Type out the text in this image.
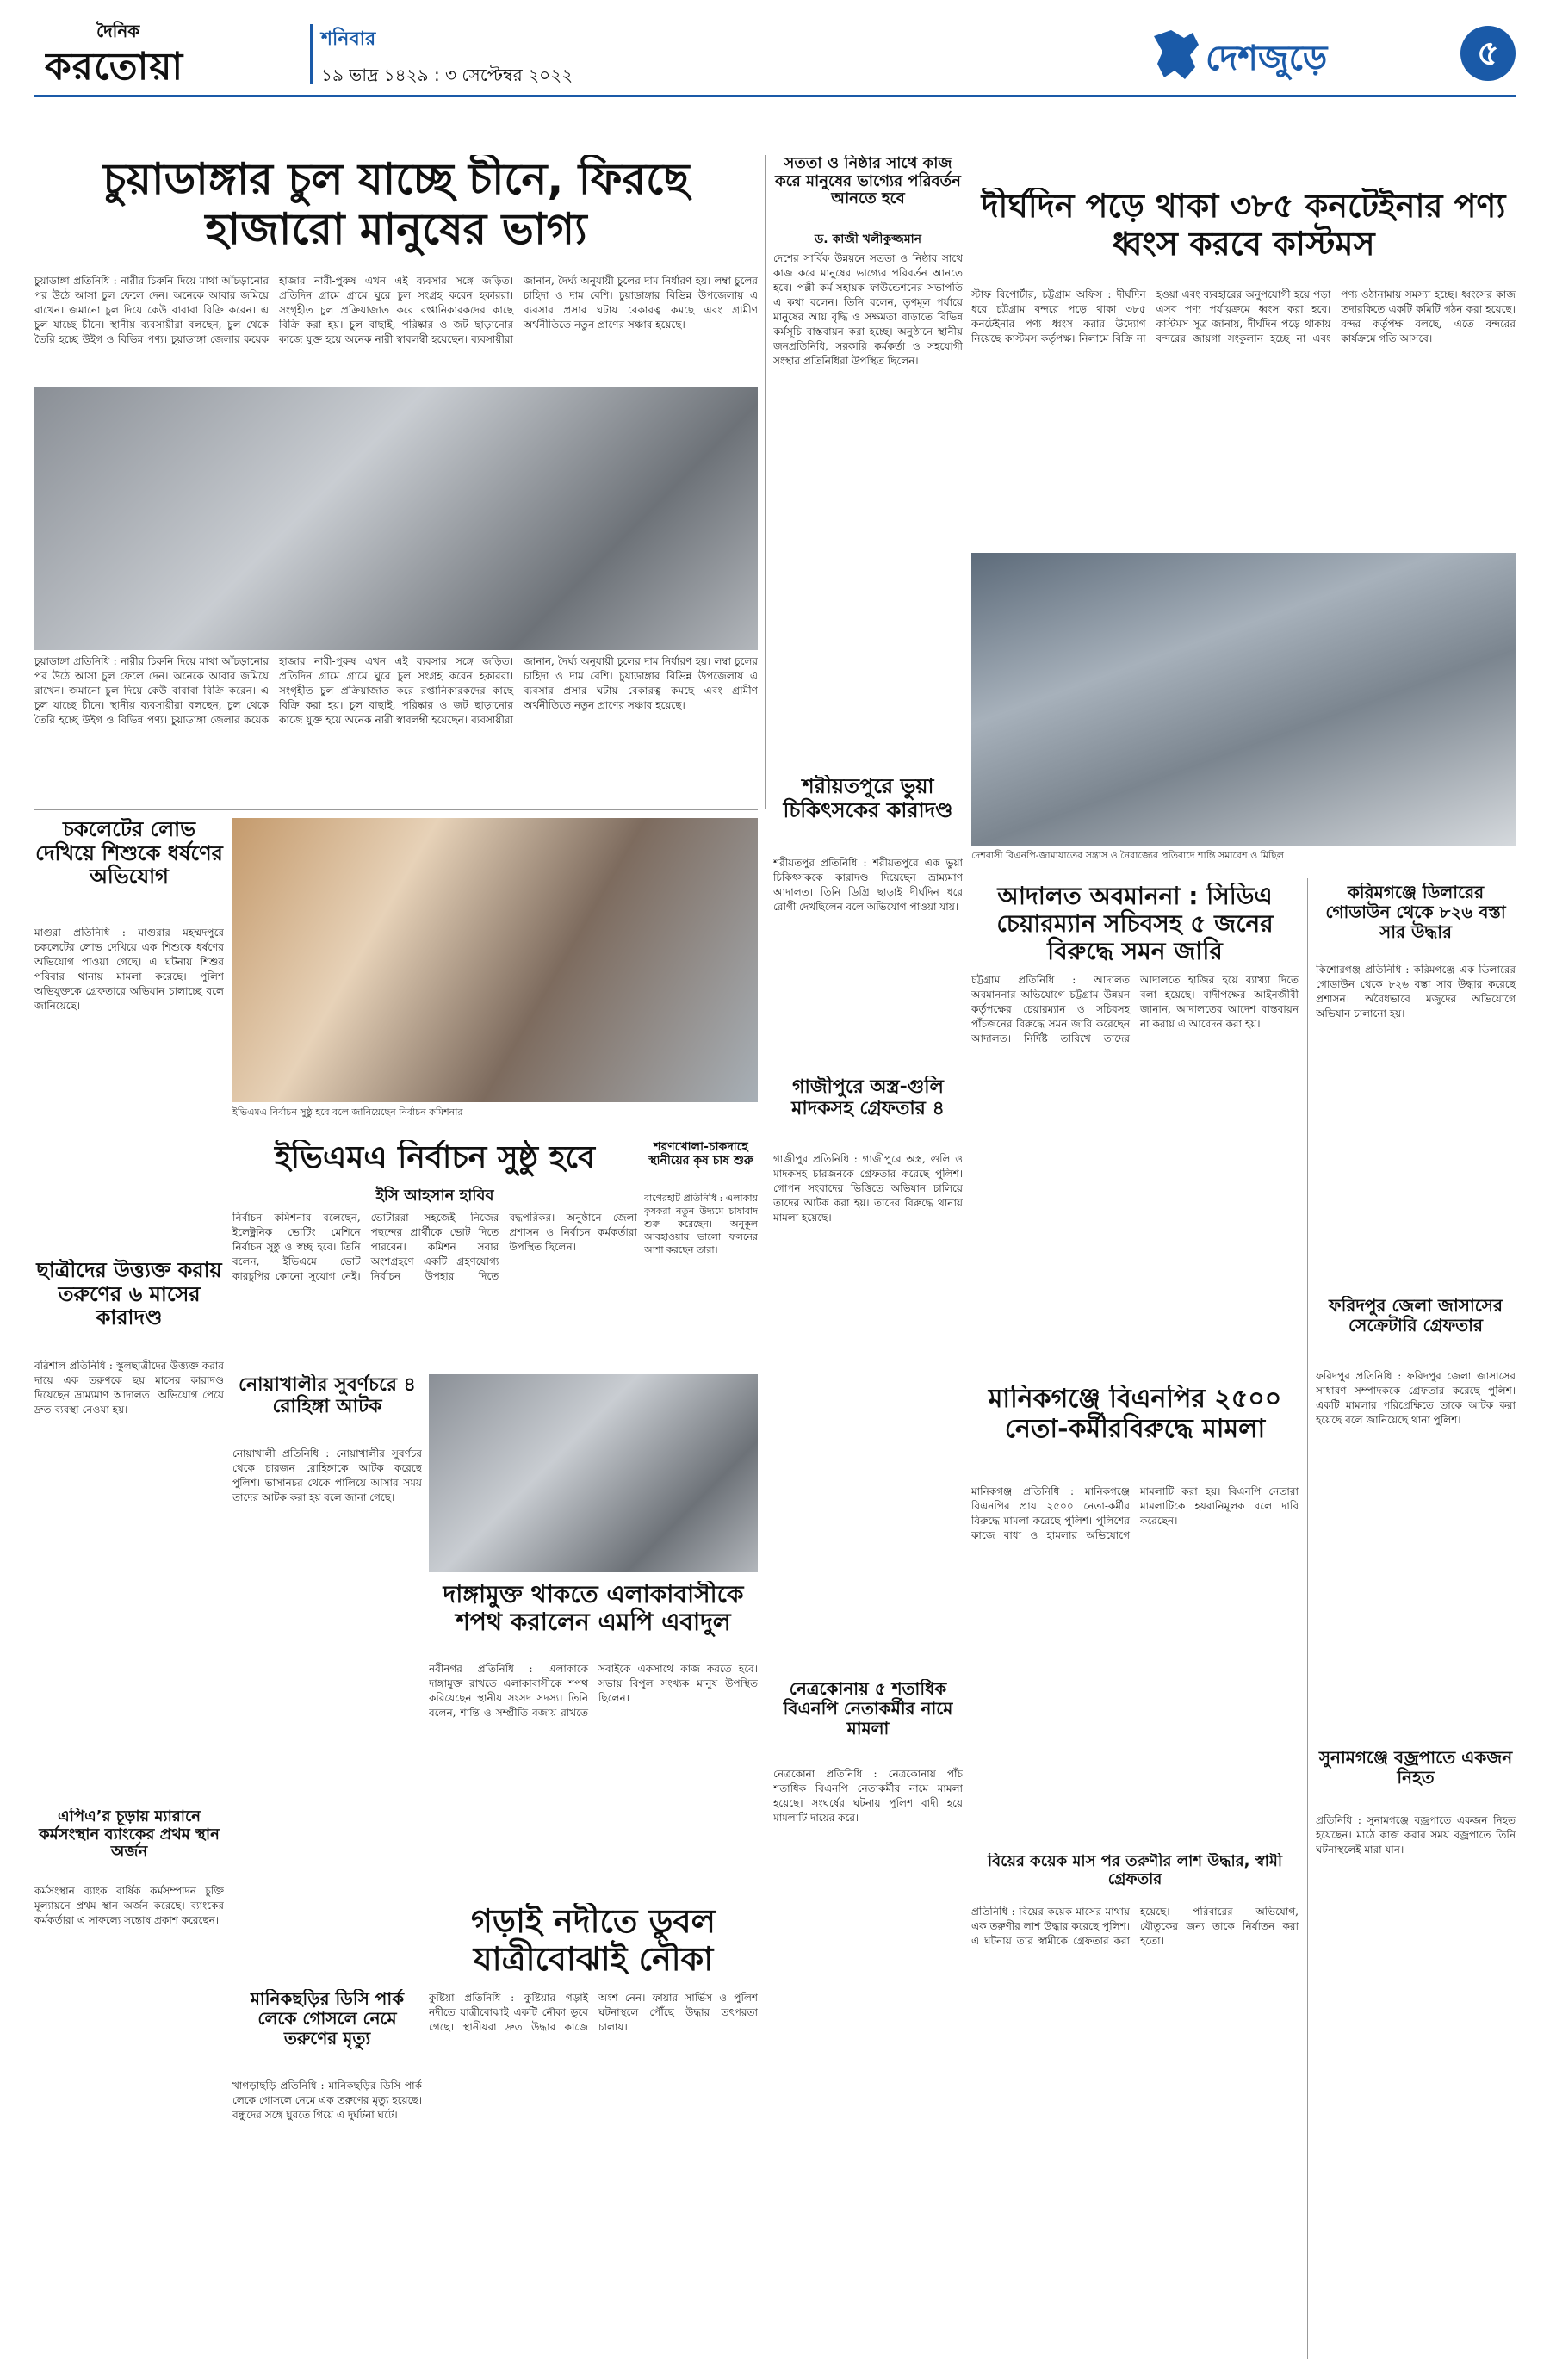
দৈনিক
করতোয়া
শনিবার
১৯ ভাদ্র ১৪২৯ : ৩ সেপ্টেম্বর ২০২২	দেশজুড়ে	৫
চুয়াডাঙ্গার চুল যাচ্ছে চীনে, ফিরছে হাজারো মানুষের ভাগ্য
চুয়াডাঙ্গা প্রতিনিধি : নারীর চিরুনি দিয়ে মাথা আঁচড়ানোর পর উঠে আসা চুল ফেলে দেন। অনেকে আবার জমিয়ে রাখেন। জমানো চুল দিয়ে কেউ বাবাবা বিক্রি করেন। এ চুল যাচ্ছে চীনে। স্থানীয় ব্যবসায়ীরা বলছেন, চুল থেকে তৈরি হচ্ছে উইগ ও বিভিন্ন পণ্য। চুয়াডাঙ্গা জেলার কয়েক হাজার নারী-পুরুষ এখন এই ব্যবসার সঙ্গে জড়িত। প্রতিদিন গ্রামে গ্রামে ঘুরে চুল সংগ্রহ করেন হকাররা। সংগৃহীত চুল প্রক্রিয়াজাত করে রপ্তানিকারকদের কাছে বিক্রি করা হয়। চুল বাছাই, পরিষ্কার ও জট ছাড়ানোর কাজে যুক্ত হয়ে অনেক নারী স্বাবলম্বী হয়েছেন। ব্যবসায়ীরা জানান, দৈর্ঘ্য অনুযায়ী চুলের দাম নির্ধারণ হয়। লম্বা চুলের চাহিদা ও দাম বেশি। চুয়াডাঙ্গার বিভিন্ন উপজেলায় এ ব্যবসার প্রসার ঘটায় বেকারত্ব কমছে এবং গ্রামীণ অর্থনীতিতে নতুন প্রাণের সঞ্চার হয়েছে।
চুয়াডাঙ্গা প্রতিনিধি : নারীর চিরুনি দিয়ে মাথা আঁচড়ানোর পর উঠে আসা চুল ফেলে দেন। অনেকে আবার জমিয়ে রাখেন। জমানো চুল দিয়ে কেউ বাবাবা বিক্রি করেন। এ চুল যাচ্ছে চীনে। স্থানীয় ব্যবসায়ীরা বলছেন, চুল থেকে তৈরি হচ্ছে উইগ ও বিভিন্ন পণ্য। চুয়াডাঙ্গা জেলার কয়েক হাজার নারী-পুরুষ এখন এই ব্যবসার সঙ্গে জড়িত। প্রতিদিন গ্রামে গ্রামে ঘুরে চুল সংগ্রহ করেন হকাররা। সংগৃহীত চুল প্রক্রিয়াজাত করে রপ্তানিকারকদের কাছে বিক্রি করা হয়। চুল বাছাই, পরিষ্কার ও জট ছাড়ানোর কাজে যুক্ত হয়ে অনেক নারী স্বাবলম্বী হয়েছেন। ব্যবসায়ীরা জানান, দৈর্ঘ্য অনুযায়ী চুলের দাম নির্ধারণ হয়। লম্বা চুলের চাহিদা ও দাম বেশি। চুয়াডাঙ্গার বিভিন্ন উপজেলায় এ ব্যবসার প্রসার ঘটায় বেকারত্ব কমছে এবং গ্রামীণ অর্থনীতিতে নতুন প্রাণের সঞ্চার হয়েছে।
সততা ও নিষ্ঠার সাথে কাজ করে মানুষের ভাগ্যের পরিবর্তন আনতে হবে
ড. কাজী খলীকুজ্জমান
দেশের সার্বিক উন্নয়নে সততা ও নিষ্ঠার সাথে কাজ করে মানুষের ভাগ্যের পরিবর্তন আনতে হবে। পল্লী কর্ম-সহায়ক ফাউন্ডেশনের সভাপতি এ কথা বলেন। তিনি বলেন, তৃণমূল পর্যায়ে মানুষের আয় বৃদ্ধি ও সক্ষমতা বাড়াতে বিভিন্ন কর্মসূচি বাস্তবায়ন করা হচ্ছে। অনুষ্ঠানে স্থানীয় জনপ্রতিনিধি, সরকারি কর্মকর্তা ও সহযোগী সংস্থার প্রতিনিধিরা উপস্থিত ছিলেন।
দীর্ঘদিন পড়ে থাকা ৩৮৫ কনটেইনার পণ্য ধ্বংস করবে কাস্টমস
স্টাফ রিপোর্টার, চট্টগ্রাম অফিস : দীর্ঘদিন ধরে চট্টগ্রাম বন্দরে পড়ে থাকা ৩৮৫ কনটেইনার পণ্য ধ্বংস করার উদ্যোগ নিয়েছে কাস্টমস কর্তৃপক্ষ। নিলামে বিক্রি না হওয়া এবং ব্যবহারের অনুপযোগী হয়ে পড়া এসব পণ্য পর্যায়ক্রমে ধ্বংস করা হবে। কাস্টমস সূত্র জানায়, দীর্ঘদিন পড়ে থাকায় বন্দরের জায়গা সংকুলান হচ্ছে না এবং পণ্য ওঠানামায় সমস্যা হচ্ছে। ধ্বংসের কাজ তদারকিতে একটি কমিটি গঠন করা হয়েছে। বন্দর কর্তৃপক্ষ বলছে, এতে বন্দরের কার্যক্রমে গতি আসবে।
দেশবাসী বিএনপি-জামায়াতের সন্ত্রাস ও নৈরাজ্যের প্রতিবাদে শান্তি সমাবেশ ও মিছিল
শরীয়তপুরে ভুয়া চিকিৎসকের কারাদণ্ড
শরীয়তপুর প্রতিনিধি : শরীয়তপুরে এক ভুয়া চিকিৎসককে কারাদণ্ড দিয়েছেন ভ্রাম্যমাণ আদালত। তিনি ডিগ্রি ছাড়াই দীর্ঘদিন ধরে রোগী দেখছিলেন বলে অভিযোগ পাওয়া যায়।
চকলেটের লোভ দেখিয়ে শিশুকে ধর্ষণের অভিযোগ
মাগুরা প্রতিনিধি : মাগুরার মহম্মদপুরে চকলেটের লোভ দেখিয়ে এক শিশুকে ধর্ষণের অভিযোগ পাওয়া গেছে। এ ঘটনায় শিশুর পরিবার থানায় মামলা করেছে। পুলিশ অভিযুক্তকে গ্রেফতারে অভিযান চালাচ্ছে বলে জানিয়েছে।
ইভিএমএ নির্বাচন সুষ্ঠু হবে বলে জানিয়েছেন নির্বাচন কমিশনার
ইভিএমএ নির্বাচন সুষ্ঠু হবে
ইসি আহসান হাবিব
নির্বাচন কমিশনার বলেছেন, ইলেক্ট্রনিক ভোটিং মেশিনে নির্বাচন সুষ্ঠু ও স্বচ্ছ হবে। তিনি বলেন, ইভিএমে ভোট কারচুপির কোনো সুযোগ নেই। ভোটাররা সহজেই নিজের পছন্দের প্রার্থীকে ভোট দিতে পারবেন। কমিশন সবার অংশগ্রহণে একটি গ্রহণযোগ্য নির্বাচন উপহার দিতে বদ্ধপরিকর। অনুষ্ঠানে জেলা প্রশাসন ও নির্বাচন কর্মকর্তারা উপস্থিত ছিলেন।
শরণখোলা-চাকদাহে স্থানীয়ের কৃষ চাষ শুরু
বাগেরহাট প্রতিনিধি : এলাকায় কৃষকরা নতুন উদ্যমে চাষাবাদ শুরু করেছেন। অনুকূল আবহাওয়ায় ভালো ফলনের আশা করছেন তারা।
ছাত্রীদের উত্ত্যক্ত করায় তরুণের ৬ মাসের কারাদণ্ড
বরিশাল প্রতিনিধি : স্কুলছাত্রীদের উত্ত্যক্ত করার দায়ে এক তরুণকে ছয় মাসের কারাদণ্ড দিয়েছেন ভ্রাম্যমাণ আদালত। অভিযোগ পেয়ে দ্রুত ব্যবস্থা নেওয়া হয়।
নোয়াখালীর সুবর্ণচরে ৪ রোহিঙ্গা আটক
নোয়াখালী প্রতিনিধি : নোয়াখালীর সুবর্ণচর থেকে চারজন রোহিঙ্গাকে আটক করেছে পুলিশ। ভাসানচর থেকে পালিয়ে আসার সময় তাদের আটক করা হয় বলে জানা গেছে।
গাজীপুরে অস্ত্র-গুলি মাদকসহ গ্রেফতার ৪
গাজীপুর প্রতিনিধি : গাজীপুরে অস্ত্র, গুলি ও মাদকসহ চারজনকে গ্রেফতার করেছে পুলিশ। গোপন সংবাদের ভিত্তিতে অভিযান চালিয়ে তাদের আটক করা হয়। তাদের বিরুদ্ধে থানায় মামলা হয়েছে।
আদালত অবমাননা : সিডিএ চেয়ারম্যান সচিবসহ ৫ জনের বিরুদ্ধে সমন জারি
চট্টগ্রাম প্রতিনিধি : আদালত অবমাননার অভিযোগে চট্টগ্রাম উন্নয়ন কর্তৃপক্ষের চেয়ারম্যান ও সচিবসহ পাঁচজনের বিরুদ্ধে সমন জারি করেছেন আদালত। নির্দিষ্ট তারিখে তাদের আদালতে হাজির হয়ে ব্যাখ্যা দিতে বলা হয়েছে। বাদীপক্ষের আইনজীবী জানান, আদালতের আদেশ বাস্তবায়ন না করায় এ আবেদন করা হয়।
করিমগঞ্জে ডিলারের গোডাউন থেকে ৮২৬ বস্তা সার উদ্ধার
কিশোরগঞ্জ প্রতিনিধি : করিমগঞ্জে এক ডিলারের গোডাউন থেকে ৮২৬ বস্তা সার উদ্ধার করেছে প্রশাসন। অবৈধভাবে মজুদের অভিযোগে অভিযান চালানো হয়।
ফরিদপুর জেলা জাসাসের সেক্রেটারি গ্রেফতার
ফরিদপুর প্রতিনিধি : ফরিদপুর জেলা জাসাসের সাধারণ সম্পাদককে গ্রেফতার করেছে পুলিশ। একটি মামলার পরিপ্রেক্ষিতে তাকে আটক করা হয়েছে বলে জানিয়েছে থানা পুলিশ।
সুনামগঞ্জে বজ্রপাতে একজন নিহত
প্রতিনিধি : সুনামগঞ্জে বজ্রপাতে একজন নিহত হয়েছেন। মাঠে কাজ করার সময় বজ্রপাতে তিনি ঘটনাস্থলেই মারা যান।
মানিকগঞ্জে বিএনপির ২৫০০ নেতা-কর্মীরবিরুদ্ধে মামলা
মানিকগঞ্জ প্রতিনিধি : মানিকগঞ্জে বিএনপির প্রায় ২৫০০ নেতা-কর্মীর বিরুদ্ধে মামলা করেছে পুলিশ। পুলিশের কাজে বাধা ও হামলার অভিযোগে মামলাটি করা হয়। বিএনপি নেতারা মামলাটিকে হয়রানিমূলক বলে দাবি করেছেন।
বিয়ের কয়েক মাস পর তরুণীর লাশ উদ্ধার, স্বামী গ্রেফতার
প্রতিনিধি : বিয়ের কয়েক মাসের মাথায় এক তরুণীর লাশ উদ্ধার করেছে পুলিশ। এ ঘটনায় তার স্বামীকে গ্রেফতার করা হয়েছে। পরিবারের অভিযোগ, যৌতুকের জন্য তাকে নির্যাতন করা হতো।
নেত্রকোনায় ৫ শতাধিক বিএনপি নেতাকর্মীর নামে মামলা
নেত্রকোনা প্রতিনিধি : নেত্রকোনায় পাঁচ শতাধিক বিএনপি নেতাকর্মীর নামে মামলা হয়েছে। সংঘর্ষের ঘটনায় পুলিশ বাদী হয়ে মামলাটি দায়ের করে।
দাঙ্গামুক্ত থাকতে এলাকাবাসীকে শপথ করালেন এমপি এবাদুল
নবীনগর প্রতিনিধি : এলাকাকে দাঙ্গামুক্ত রাখতে এলাকাবাসীকে শপথ করিয়েছেন স্থানীয় সংসদ সদস্য। তিনি বলেন, শান্তি ও সম্প্রীতি বজায় রাখতে সবাইকে একসাথে কাজ করতে হবে। সভায় বিপুল সংখ্যক মানুষ উপস্থিত ছিলেন।
এপিএ’র চূড়ায় ম্যারানে কর্মসংস্থান ব্যাংকের প্রথম স্থান অর্জন
কর্মসংস্থান ব্যাংক বার্ষিক কর্মসম্পাদন চুক্তি মূল্যায়নে প্রথম স্থান অর্জন করেছে। ব্যাংকের কর্মকর্তারা এ সাফল্যে সন্তোষ প্রকাশ করেছেন।
মানিকছড়ির ডিসি পার্ক লেকে গোসলে নেমে তরুণের মৃত্যু
খাগড়াছড়ি প্রতিনিধি : মানিকছড়ির ডিসি পার্ক লেকে গোসলে নেমে এক তরুণের মৃত্যু হয়েছে। বন্ধুদের সঙ্গে ঘুরতে গিয়ে এ দুর্ঘটনা ঘটে।
গড়াই নদীতে ডুবল যাত্রীবোঝাই নৌকা
কুষ্টিয়া প্রতিনিধি : কুষ্টিয়ার গড়াই নদীতে যাত্রীবোঝাই একটি নৌকা ডুবে গেছে। স্থানীয়রা দ্রুত উদ্ধার কাজে অংশ নেন। ফায়ার সার্ভিস ও পুলিশ ঘটনাস্থলে পৌঁছে উদ্ধার তৎপরতা চালায়।
